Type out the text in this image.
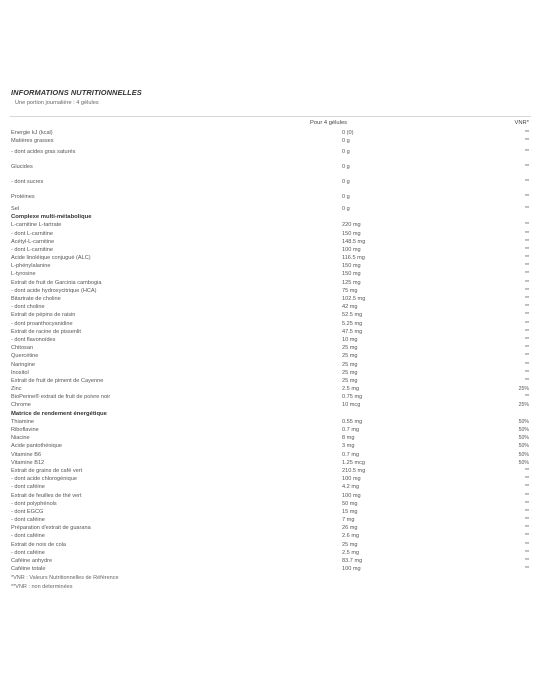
INFORMATIONS NUTRITIONNELLES
Une portion journalière : 4 gélules
Pour 4 gélules	VNR*
Energie kJ (kcal)	0 (0)	**
Matières grasses	0 g	**
- dont acides gras saturés	0 g	**
Glucides	0 g	**
- dont sucres	0 g	**
Protéines	0 g	**
Sel	0 g	**
Complexe multi-métabolique
L-carnitine L-tartrate	220 mg	**
- dont L-carnitine	150 mg	**
Acétyl-L-carnitine	148.5 mg	**
- dont L-carnitine	100 mg	**
Acide linoléique conjugué (ALC)	116.5 mg	**
L-phénylalanine	150 mg	**
L-tyrosine	150 mg	**
Extrait de fruit de Garcinia cambogia	125 mg	**
- dont acide hydroxycitrique (HCA)	75 mg	**
Bitartrate de choline	102.5 mg	**
- dont choline	42 mg	**
Extrait de pépins de raisin	52.5 mg	**
- dont proanthocyanidine	5.25 mg	**
Extrait de racine de pissenlit	47.5 mg	**
- dont flavonoïdes	10 mg	**
Chitosan	25 mg	**
Quercétine	25 mg	**
Naringine	25 mg	**
Inositol	25 mg	**
Extrait de fruit de piment de Cayenne	25 mg	**
Zinc	2.5 mg	25%
BioPerine® extrait de fruit de poivre noir	0.75 mg	**
Chrome	10 mcg	25%
Matrice de rendement énergétique
Thiamine	0.55 mg	50%
Riboflavine	0.7 mg	50%
Niacine	8 mg	50%
Acide pantothénique	3 mg	50%
Vitamine B6	0.7 mg	50%
Vitamine B12	1.25 mcg	50%
Extrait de grains de café vert	210.5 mg	**
- dont acide chlorogénique	100 mg	**
- dont caféine	4.2 mg	**
Extrait de feuilles de thé vert	100 mg	**
- dont polyphénols	50 mg	**
- dont EGCG	15 mg	**
- dont caféine	7 mg	**
Préparation d'extrait de guarana	26 mg	**
- dont caféine	2.6 mg	**
Extrait de noix de cola	25 mg	**
- dont caféine	2.5 mg	**
Caféine anhydre	83.7 mg	**
Caféine totale	100 mg	**
*VNR : Valeurs Nutritionnelles de Référence
**VNR : non determinées
